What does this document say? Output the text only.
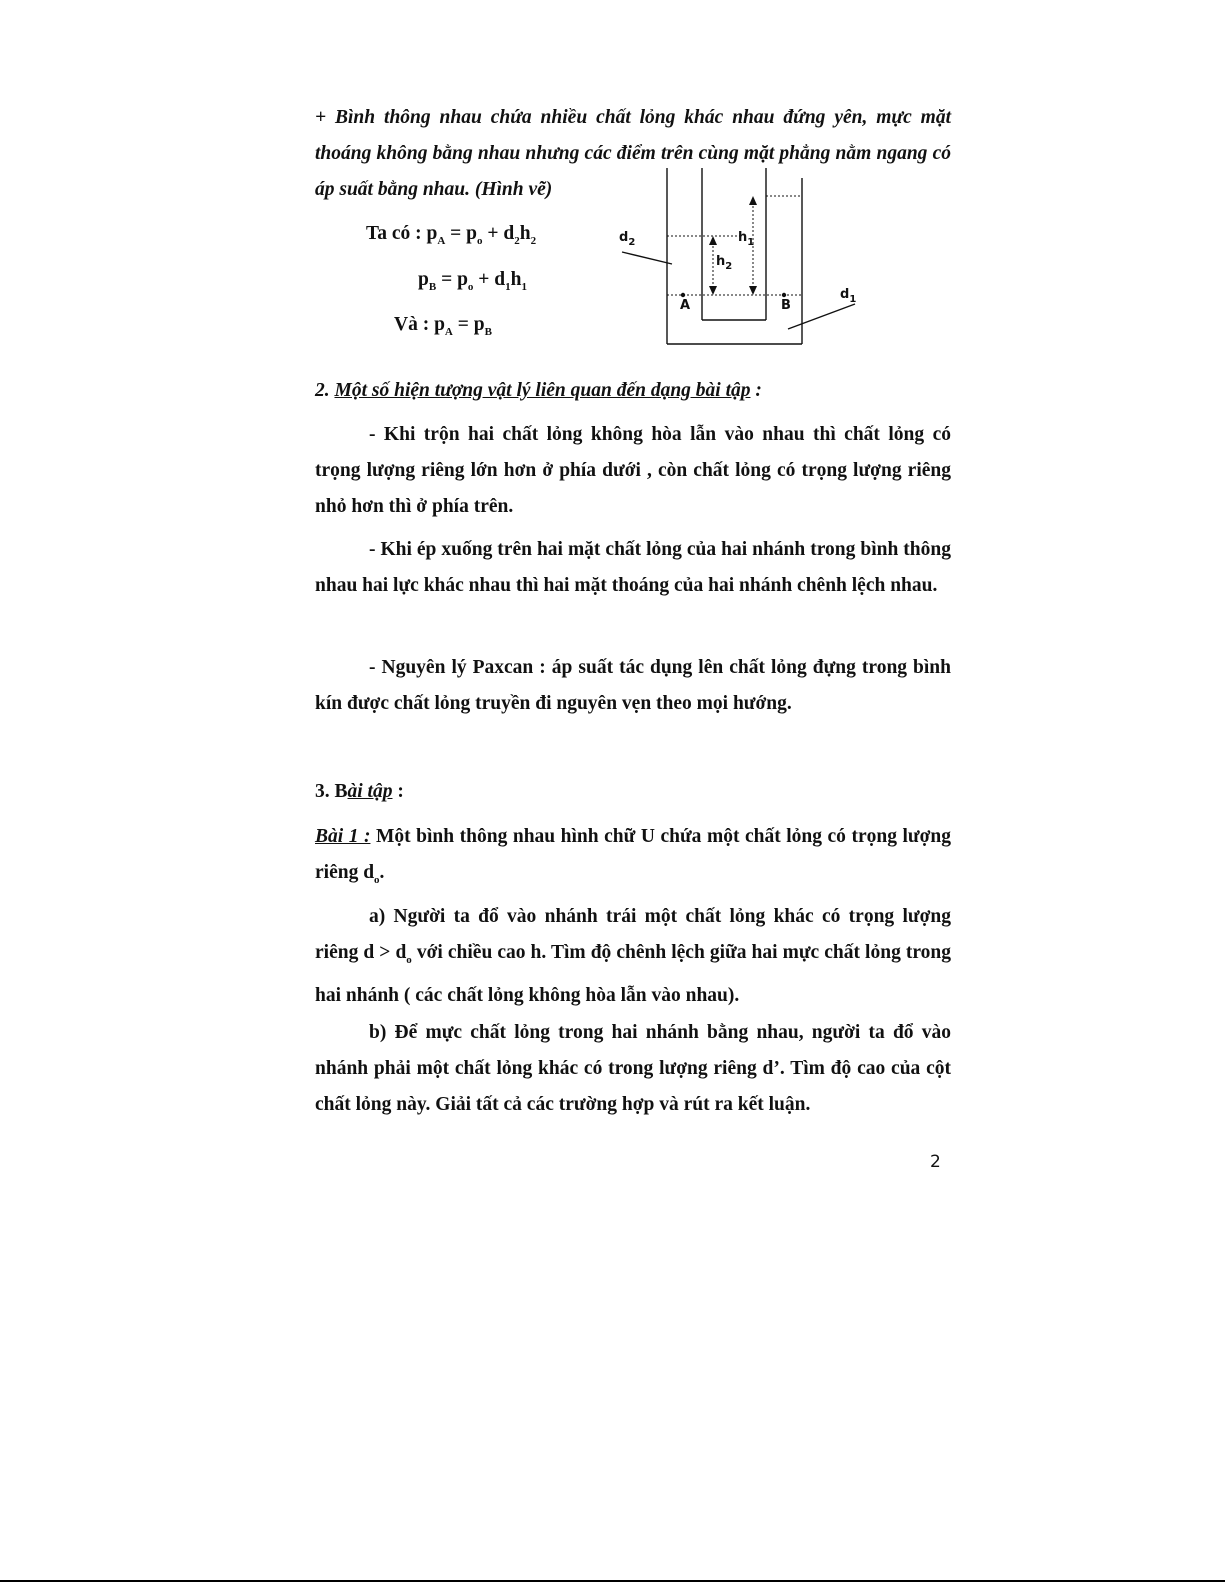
+ Bình thông nhau chứa nhiều chất lỏng khác nhau đứng yên, mực mặt thoáng không bằng nhau nhưng các điểm trên cùng mặt phẳng nằm ngang có áp suất bằng nhau. (Hình vẽ)

Ta có : $p_A = p_o + d_2h_2$
$p_B = p_o + d_1h_1$
Và : $p_A = p_B$
$d_2$
$d_1$
$h_1$
$h_2$
A	B

2. Một số hiện tượng vật lý liên quan đến dạng bài tập :

- Khi trộn hai chất lỏng không hòa lẫn vào nhau thì chất lỏng có trọng lượng riêng lớn hơn ở phía dưới , còn chất lỏng có trọng lượng riêng nhỏ hơn thì ở phía trên.

- Khi ép xuống trên hai mặt chất lỏng của hai nhánh trong bình thông nhau hai lực khác nhau thì hai mặt thoáng của hai nhánh chênh lệch nhau.

- Nguyên lý Paxcan : áp suất tác dụng lên chất lỏng đựng trong bình kín được chất lỏng truyền đi nguyên vẹn theo mọi hướng.

3. Bài tập :

Bài 1 : Một bình thông nhau hình chữ U chứa một chất lỏng có trọng lượng riêng $d_o$.

a) Người ta đổ vào nhánh trái một chất lỏng khác có trọng lượng riêng $d > d_o$ với chiều cao h. Tìm độ chênh lệch giữa hai mực chất lỏng trong hai nhánh ( các chất lỏng không hòa lẫn vào nhau).

b) Để mực chất lỏng trong hai nhánh bằng nhau, người ta đổ vào nhánh phải một chất lỏng khác có trong lượng riêng d’. Tìm độ cao của cột chất lỏng này. Giải tất cả các trường hợp và rút ra kết luận.

2
